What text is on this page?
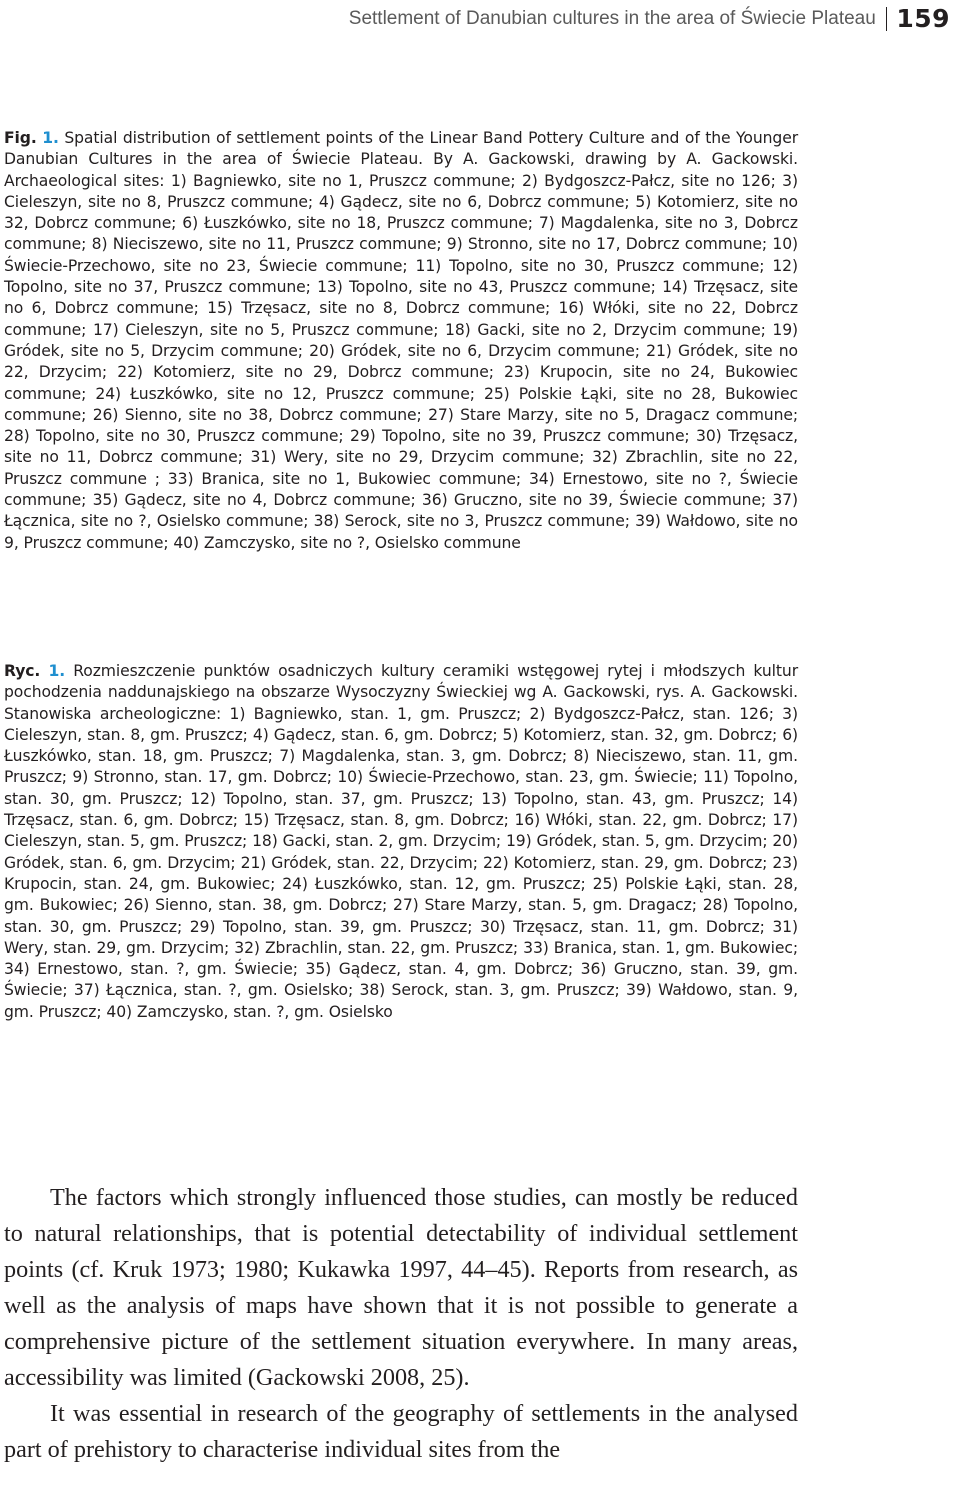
Settlement of Danubian cultures in the area of Świecie Plateau 159

Fig. 1. Spatial distribution of settlement points of the Linear Band Pottery Culture and of the Younger Danubian Cultures in the area of Świecie Plateau. By A. Gackowski, drawing by A. Gackowski. Archaeological sites: 1) Bagniewko, site no 1, Pruszcz commune; 2) Bydgoszcz-Pałcz, site no 126; 3) Cieleszyn, site no 8, Pruszcz commune; 4) Gądecz, site no 6, Dobrcz commune; 5) Kotomierz, site no 32, Dobrcz commune; 6) Łuszkówko, site no 18, Pruszcz commune; 7) Magdalenka, site no 3, Dobrcz commune; 8) Nieciszewo, site no 11, Pruszcz commune; 9) Stronno, site no 17, Dobrcz commune; 10) Świecie-Przechowo, site no 23, Świecie commune; 11) Topolno, site no 30, Pruszcz commune; 12) Topolno, site no 37, Pruszcz commune; 13) Topolno, site no 43, Pruszcz commune; 14) Trzęsacz, site no 6, Dobrcz commune; 15) Trzęsacz, site no 8, Dobrcz commune; 16) Włóki, site no 22, Dobrcz commune; 17) Cieleszyn, site no 5, Pruszcz commune; 18) Gacki, site no 2, Drzycim commune; 19) Gródek, site no 5, Drzycim commune; 20) Gródek, site no 6, Drzycim commune; 21) Gródek, site no 22, Drzycim; 22) Kotomierz, site no 29, Dobrcz commune; 23) Krupocin, site no 24, Bukowiec commune; 24) Łuszkówko, site no 12, Pruszcz commune; 25) Polskie Łąki, site no 28, Bukowiec commune; 26) Sienno, site no 38, Dobrcz commune; 27) Stare Marzy, site no 5, Dragacz commune; 28) Topolno, site no 30, Pruszcz commune; 29) Topolno, site no 39, Pruszcz commune; 30) Trzęsacz, site no 11, Dobrcz commune; 31) Wery, site no 29, Drzycim commune; 32) Zbrachlin, site no 22, Pruszcz commune ; 33) Branica, site no 1, Bukowiec commune; 34) Ernestowo, site no ?, Świecie commune; 35) Gądecz, site no 4, Dobrcz commune; 36) Gruczno, site no 39, Świecie commune; 37) Łącznica, site no ?, Osielsko commune; 38) Serock, site no 3, Pruszcz commune; 39) Wałdowo, site no 9, Pruszcz commune; 40) Zamczysko, site no ?, Osielsko commune

Ryc. 1. Rozmieszczenie punktów osadniczych kultury ceramiki wstęgowej rytej i młodszych kultur pochodzenia naddunajskiego na obszarze Wysoczyzny Świeckiej wg A. Gackowski, rys. A. Gackowski. Stanowiska archeologiczne: 1) Bagniewko, stan. 1, gm. Pruszcz; 2) Bydgoszcz-Pałcz, stan. 126; 3) Cieleszyn, stan. 8, gm. Pruszcz; 4) Gądecz, stan. 6, gm. Dobrcz; 5) Kotomierz, stan. 32, gm. Dobrcz; 6) Łuszkówko, stan. 18, gm. Pruszcz; 7) Magdalenka, stan. 3, gm. Dobrcz; 8) Nieciszewo, stan. 11, gm. Pruszcz; 9) Stronno, stan. 17, gm. Dobrcz; 10) Świecie-Przechowo, stan. 23, gm. Świecie; 11) Topolno, stan. 30, gm. Pruszcz; 12) Topolno, stan. 37, gm. Pruszcz; 13) Topolno, stan. 43, gm. Pruszcz; 14) Trzęsacz, stan. 6, gm. Dobrcz; 15) Trzęsacz, stan. 8, gm. Dobrcz; 16) Włóki, stan. 22, gm. Dobrcz; 17) Cieleszyn, stan. 5, gm. Pruszcz; 18) Gacki, stan. 2, gm. Drzycim; 19) Gródek, stan. 5, gm. Drzycim; 20) Gródek, stan. 6, gm. Drzycim; 21) Gródek, stan. 22, Drzycim; 22) Kotomierz, stan. 29, gm. Dobrcz; 23) Krupocin, stan. 24, gm. Bukowiec; 24) Łuszkówko, stan. 12, gm. Pruszcz; 25) Polskie Łąki, stan. 28, gm. Bukowiec; 26) Sienno, stan. 38, gm. Dobrcz; 27) Stare Marzy, stan. 5, gm. Dragacz; 28) Topolno, stan. 30, gm. Pruszcz; 29) Topolno, stan. 39, gm. Pruszcz; 30) Trzęsacz, stan. 11, gm. Dobrcz; 31) Wery, stan. 29, gm. Drzycim; 32) Zbrachlin, stan. 22, gm. Pruszcz; 33) Branica, stan. 1, gm. Bukowiec; 34) Ernestowo, stan. ?, gm. Świecie; 35) Gądecz, stan. 4, gm. Dobrcz; 36) Gruczno, stan. 39, gm. Świecie; 37) Łącznica, stan. ?, gm. Osielsko; 38) Serock, stan. 3, gm. Pruszcz; 39) Wałdowo, stan. 9, gm. Pruszcz; 40) Zamczysko, stan. ?, gm. Osielsko

The factors which strongly influenced those studies, can mostly be reduced to natural relationships, that is potential detectability of individual settlement points (cf. Kruk 1973; 1980; Kukawka 1997, 44–45). Reports from research, as well as the analysis of maps have shown that it is not possible to generate a comprehensive picture of the settlement situation everywhere. In many areas, accessibility was limited (Gackowski 2008, 25).

It was essential in research of the geography of settlements in the analysed part of prehistory to characterise individual sites from the
